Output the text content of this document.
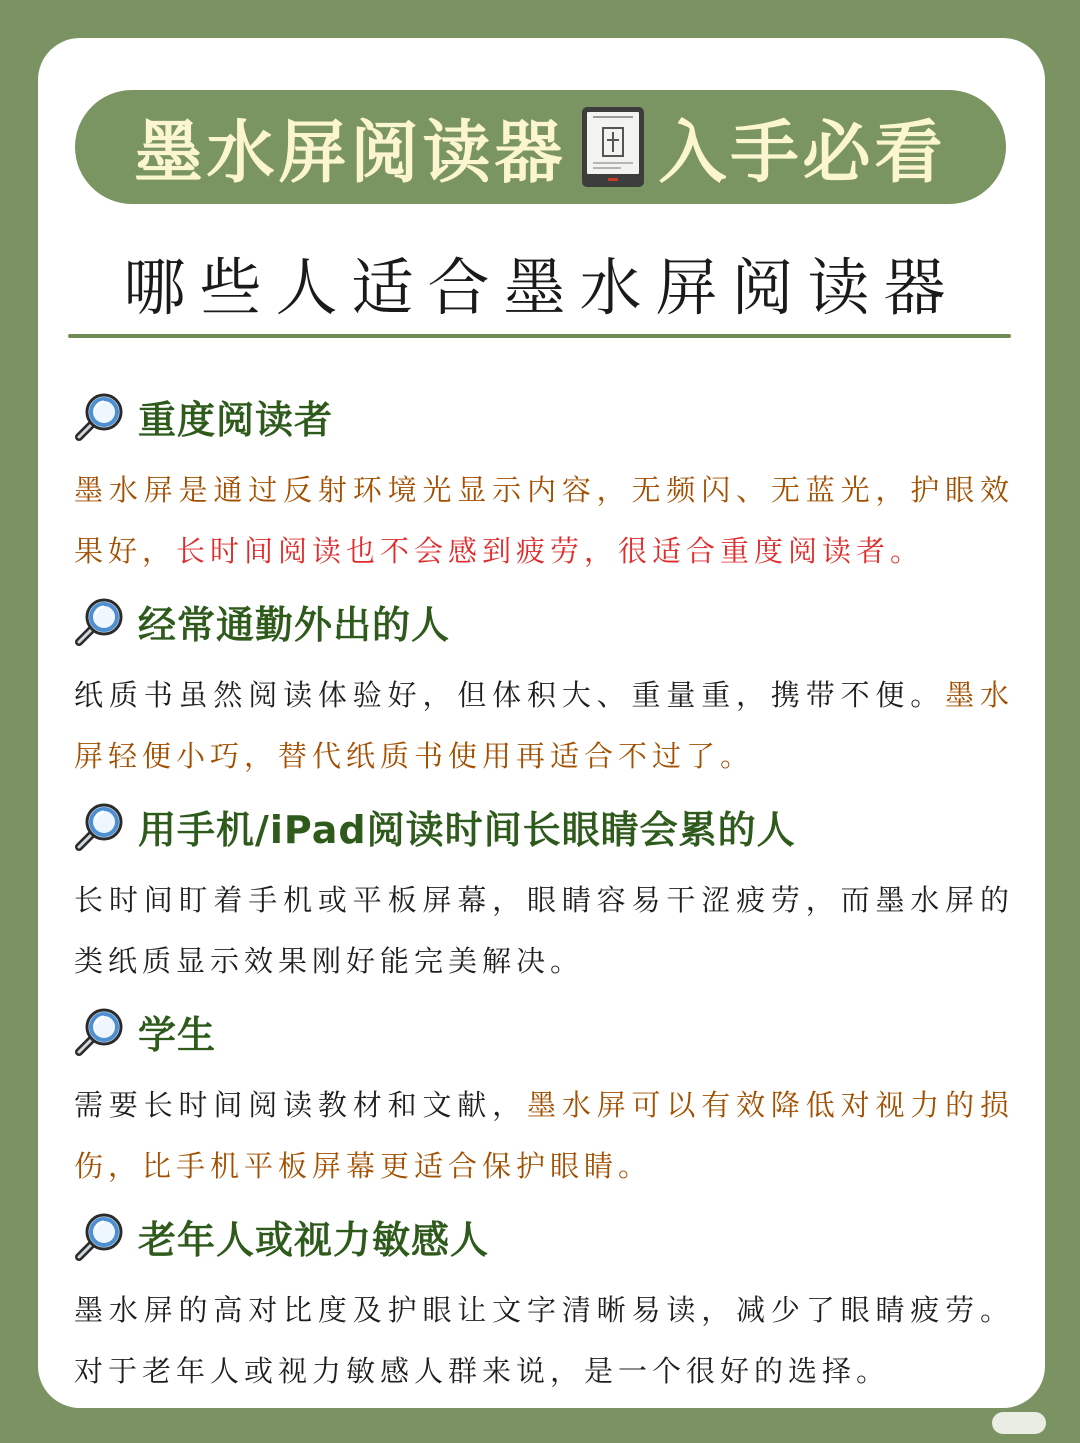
墨水屏阅读器 入手必看
哪些人适合墨水屏阅读器
重度阅读者
墨水屏是通过反射环境光显示内容，无频闪、无蓝光，护眼效果好，长时间阅读也不会感到疲劳，很适合重度阅读者。
经常通勤外出的人
纸质书虽然阅读体验好，但体积大、重量重，携带不便。墨水屏轻便小巧，替代纸质书使用再适合不过了。
用手机/iPad阅读时间长眼睛会累的人
长时间盯着手机或平板屏幕，眼睛容易干涩疲劳，而墨水屏的类纸质显示效果刚好能完美解决。
学生
需要长时间阅读教材和文献，墨水屏可以有效降低对视力的损伤，比手机平板屏幕更适合保护眼睛。
老年人或视力敏感人
墨水屏的高对比度及护眼让文字清晰易读，减少了眼睛疲劳。对于老年人或视力敏感人群来说，是一个很好的选择。
